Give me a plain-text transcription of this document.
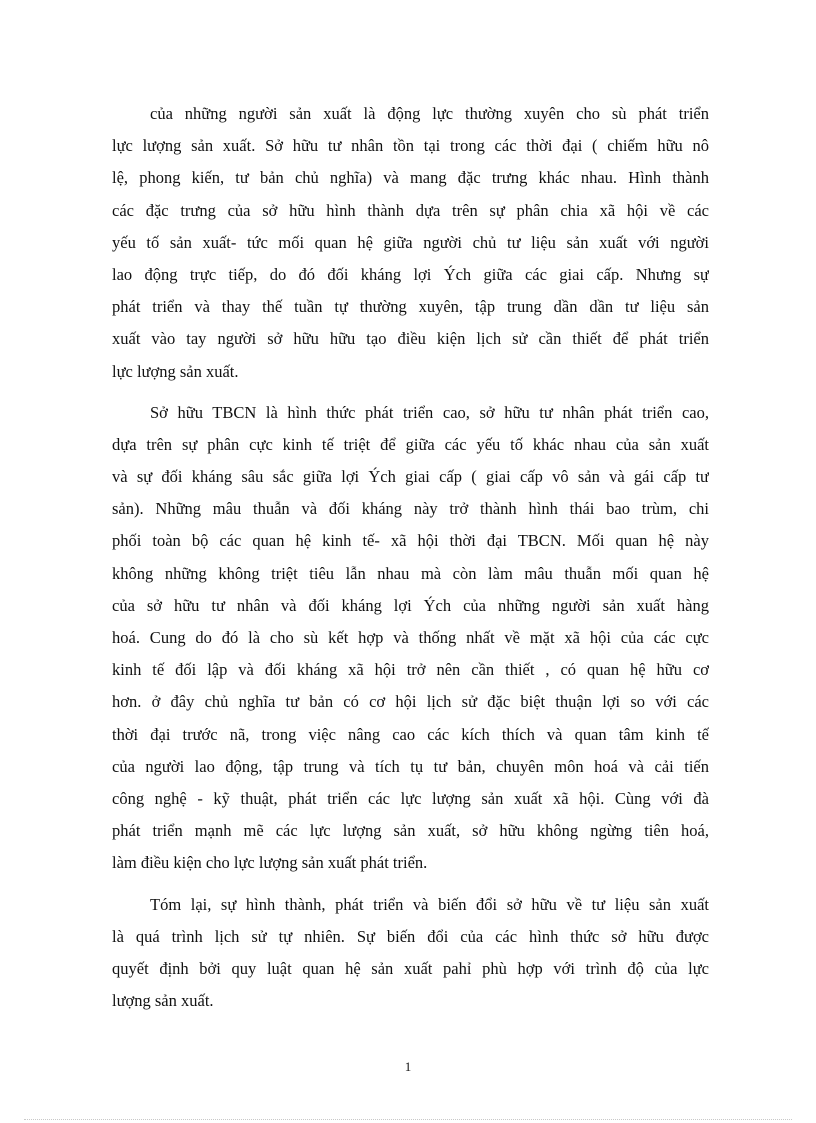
của những người sản xuất là động lực thường xuyên cho sù phát triển
lực lượng sản xuất. Sở hữu tư nhân tồn tại trong các thời đại ( chiếm hữu nô
lệ, phong kiến, tư bản chủ nghĩa) và mang đặc trưng khác nhau. Hình thành
các đặc trưng của sở hữu hình thành dựa trên sự phân chia xã hội về các
yếu tố sản xuất- tức mối quan hệ giữa người chủ tư liệu sản xuất với người
lao động trực tiếp, do đó đối kháng lợi Ých giữa các giai cấp. Nhưng sự
phát triển và thay thế tuần tự thường xuyên, tập trung dần dần tư liệu sản
xuất vào tay người sở hữu hữu tạo điều kiện lịch sử cần thiết để phát triển
lực lượng sản xuất.

Sở hữu TBCN là hình thức phát triển cao, sở hữu tư nhân phát triển cao,
dựa trên sự phân cực kinh tế triệt để giữa các yếu tố khác nhau của sản xuất
và sự đối kháng sâu sắc giữa lợi Ých giai cấp ( giai cấp vô sản và gái cấp tư
sản). Những mâu thuẫn và đối kháng này trở thành hình thái bao trùm, chi
phối toàn bộ các quan hệ kinh tế- xã hội thời đại TBCN. Mối quan hệ này
không những không triệt tiêu lẫn nhau mà còn làm mâu thuẫn mối quan hệ
của sở hữu tư nhân và đối kháng lợi Ých của những người sản xuất hàng
hoá. Cung do đó là cho sù kết hợp và thống nhất về mặt xã hội của các cực
kinh tế đối lập và đối kháng xã hội trở nên cần thiết , có quan hệ hữu cơ
hơn. ở đây chủ nghĩa tư bản có cơ hội lịch sử đặc biệt thuận lợi so với các
thời đại trước nã, trong việc nâng cao các kích thích và quan tâm kinh tế
của người lao động, tập trung và tích tụ tư bản, chuyên môn hoá và cải tiến
công nghệ - kỹ thuật, phát triển các lực lượng sản xuất xã hội. Cùng với đà
phát triển mạnh mẽ các lực lượng sản xuất, sở hữu không ngừng tiên hoá,
làm điều kiện cho lực lượng sản xuất phát triển.

Tóm lại, sự hình thành, phát triển và biến đổi sở hữu về tư liệu sản xuất
là quá trình lịch sử tự nhiên. Sự biến đổi của các hình thức sở hữu được
quyết định bởi quy luật quan hệ sản xuất pahỉ phù hợp với trình độ của lực
lượng sản xuất.

1
